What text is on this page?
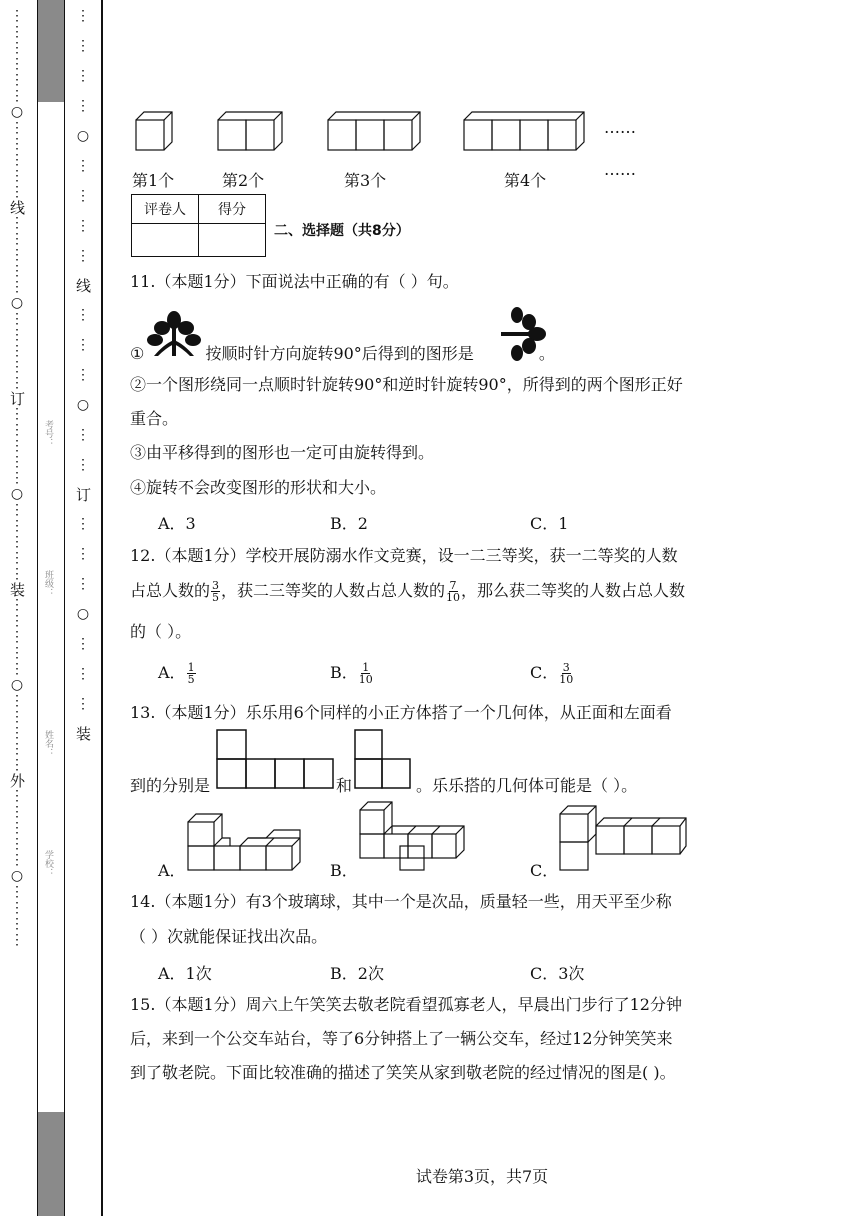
⋮
⋮
⋮
⋮
⋮
⋮
○
⋮
⋮
⋮
⋮
⋮
线
⋮
⋮
⋮
⋮
⋮
○
⋮
⋮
⋮
⋮
⋮
订
⋮
⋮
⋮
⋮
⋮
○
⋮
⋮
⋮
⋮
⋮
装
⋮
⋮
⋮
⋮
⋮
○
⋮
⋮
⋮
⋮
⋮
外
⋮
⋮
⋮
⋮
⋮
○
⋮
⋮
⋮
⋮
考号：
班级：
姓名：
学校：
⋮
⋮
⋮
⋮
○
⋮
⋮
⋮
⋮
线
⋮
⋮
⋮
○
⋮
⋮
订
⋮
⋮
⋮
○
⋮
⋮
⋮
装
……
第1个	第2个	第3个	第4个
……
评卷人	得分

二、选择题（共8分）
11.（本题1分）下面说法中正确的有（ ）句。
①	按顺时针方向旋转90°后得到的图形是	。
②一个图形绕同一点顺时针旋转90°和逆时针旋转90°，所得到的两个图形正好
重合。
③由平移得到的图形也一定可由旋转得到。
④旋转不会改变图形的形状和大小。
A．3	B．2	C．1
12.（本题1分）学校开展防溺水作文竞赛，设一二三等奖，获一二等奖的人数
占总人数的 $\frac{3}{5}$ ，获二三等奖的人数占总人数的 $\frac{7}{10}$ ，那么获二等奖的人数占总人数
的（ ）。
A． $\frac{1}{5}$	B． $\frac{1}{10}$	C． $\frac{3}{10}$
13.（本题1分）乐乐用6个同样的小正方体搭了一个几何体，从正面和左面看
到的分别是	和	。乐乐搭的几何体可能是（ ）。
A．	B．	C．
14.（本题1分）有3个玻璃球，其中一个是次品，质量轻一些，用天平至少称
（ ）次就能保证找出次品。
A．1次	B．2次	C．3次
15.（本题1分）周六上午笑笑去敬老院看望孤寡老人，早晨出门步行了12分钟
后，来到一个公交车站台，等了6分钟搭上了一辆公交车，经过12分钟笑笑来
到了敬老院。下面比较准确的描述了笑笑从家到敬老院的经过情况的图是( )。
试卷第3页，共7页
